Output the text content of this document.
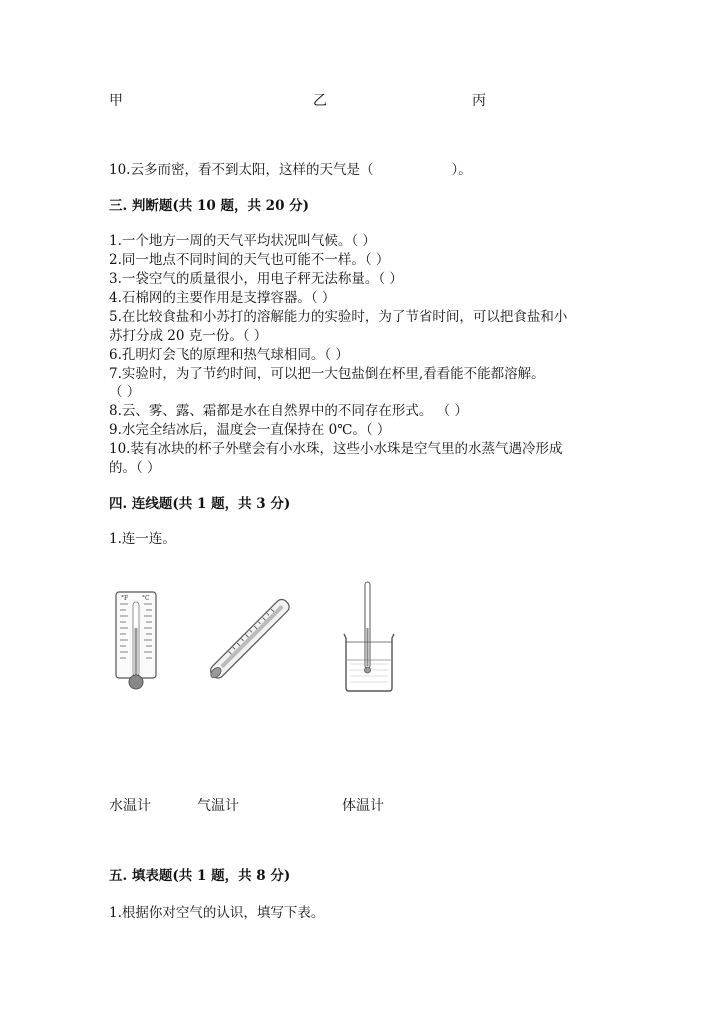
甲	乙	丙
10.云多而密，看不到太阳，这样的天气是（	）。
三. 判断题(共 10 题，共 20 分)
1.一个地方一周的天气平均状况叫气候。（ ）
2.同一地点不同时间的天气也可能不一样。（ ）
3.一袋空气的质量很小，用电子秤无法称量。（ ）
4.石棉网的主要作用是支撑容器。（ ）
5.在比较食盐和小苏打的溶解能力的实验时，为了节省时间，可以把食盐和小
苏打分成 20 克一份。（ ）
6.孔明灯会飞的原理和热气球相同。（ ）
7.实验时，为了节约时间，可以把一大包盐倒在杯里,看看能不能都溶解。
（ ）
8.云、雾、露、霜都是水在自然界中的不同存在形式。 （ ）
9.水完全结冰后，温度会一直保持在 0℃。（ ）
10.装有冰块的杯子外壁会有小水珠，这些小水珠是空气里的水蒸气遇冷形成
的。（ ）
四. 连线题(共 1 题，共 3 分)
1.连一连。
°F °C
水温计	气温计	体温计
五. 填表题(共 1 题，共 8 分)
1.根据你对空气的认识，填写下表。
